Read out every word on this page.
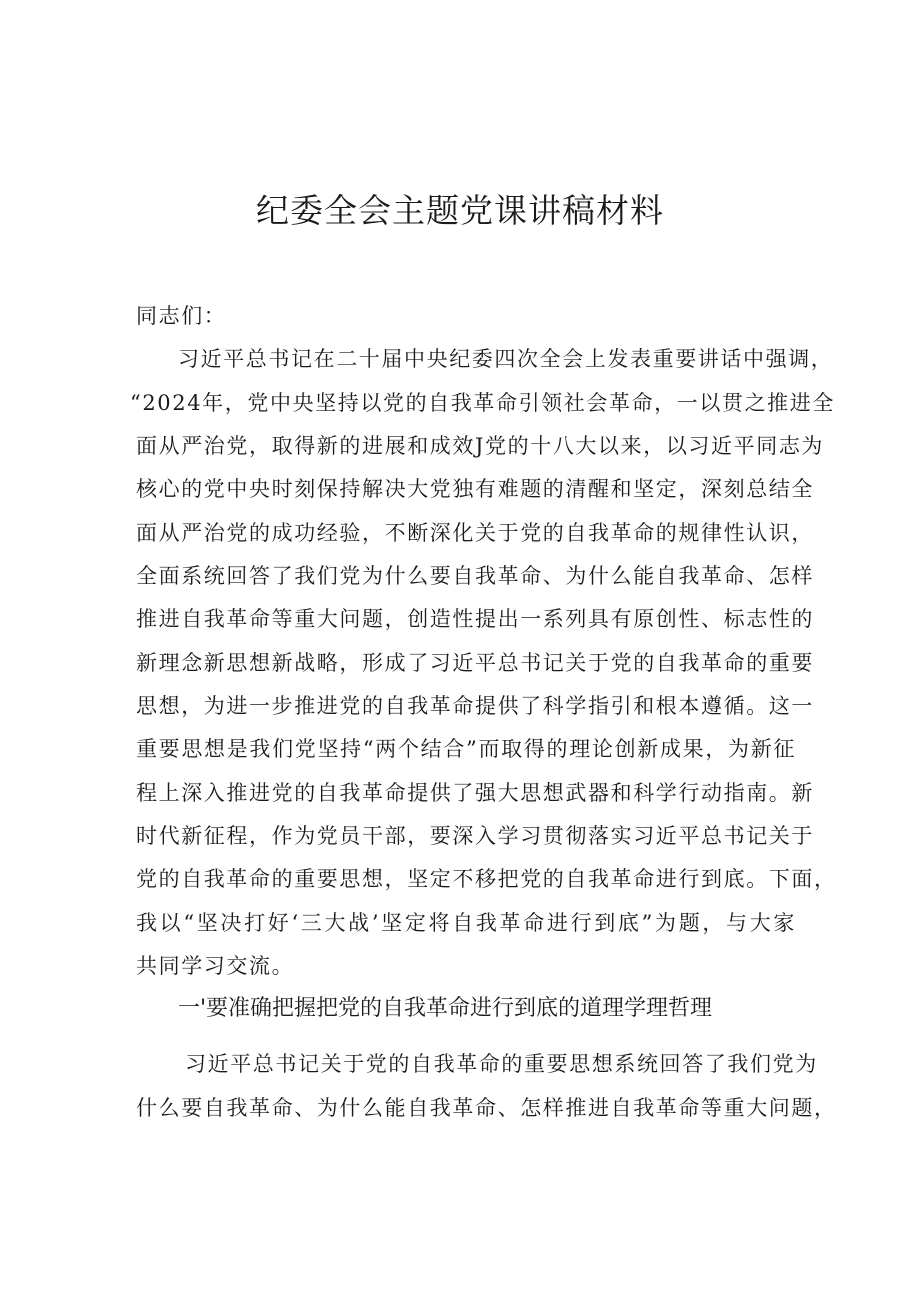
纪委全会主题党课讲稿材料
同志们：
习近平总书记在二十届中央纪委四次全会上发表重要讲话中强调，
“2024年，党中央坚持以党的自我革命引领社会革命，一以贯之推进全
面从严治党，取得新的进展和成效J党的十八大以来，以习近平同志为
核心的党中央时刻保持解决大党独有难题的清醒和坚定，深刻总结全
面从严治党的成功经验，不断深化关于党的自我革命的规律性认识，
全面系统回答了我们党为什么要自我革命、为什么能自我革命、怎样
推进自我革命等重大问题，创造性提出一系列具有原创性、标志性的
新理念新思想新战略，形成了习近平总书记关于党的自我革命的重要
思想，为进一步推进党的自我革命提供了科学指引和根本遵循。这一
重要思想是我们党坚持“两个结合”而取得的理论创新成果，为新征
程上深入推进党的自我革命提供了强大思想武器和科学行动指南。新
时代新征程，作为党员干部，要深入学习贯彻落实习近平总书记关于
党的自我革命的重要思想，坚定不移把党的自我革命进行到底。下面，
我以“坚决打好‘三大战’坚定将自我革命进行到底”为题，与大家
共同学习交流。
一'要准确把握把党的自我革命进行到底的道理学理哲理
习近平总书记关于党的自我革命的重要思想系统回答了我们党为
什么要自我革命、为什么能自我革命、怎样推进自我革命等重大问题，
